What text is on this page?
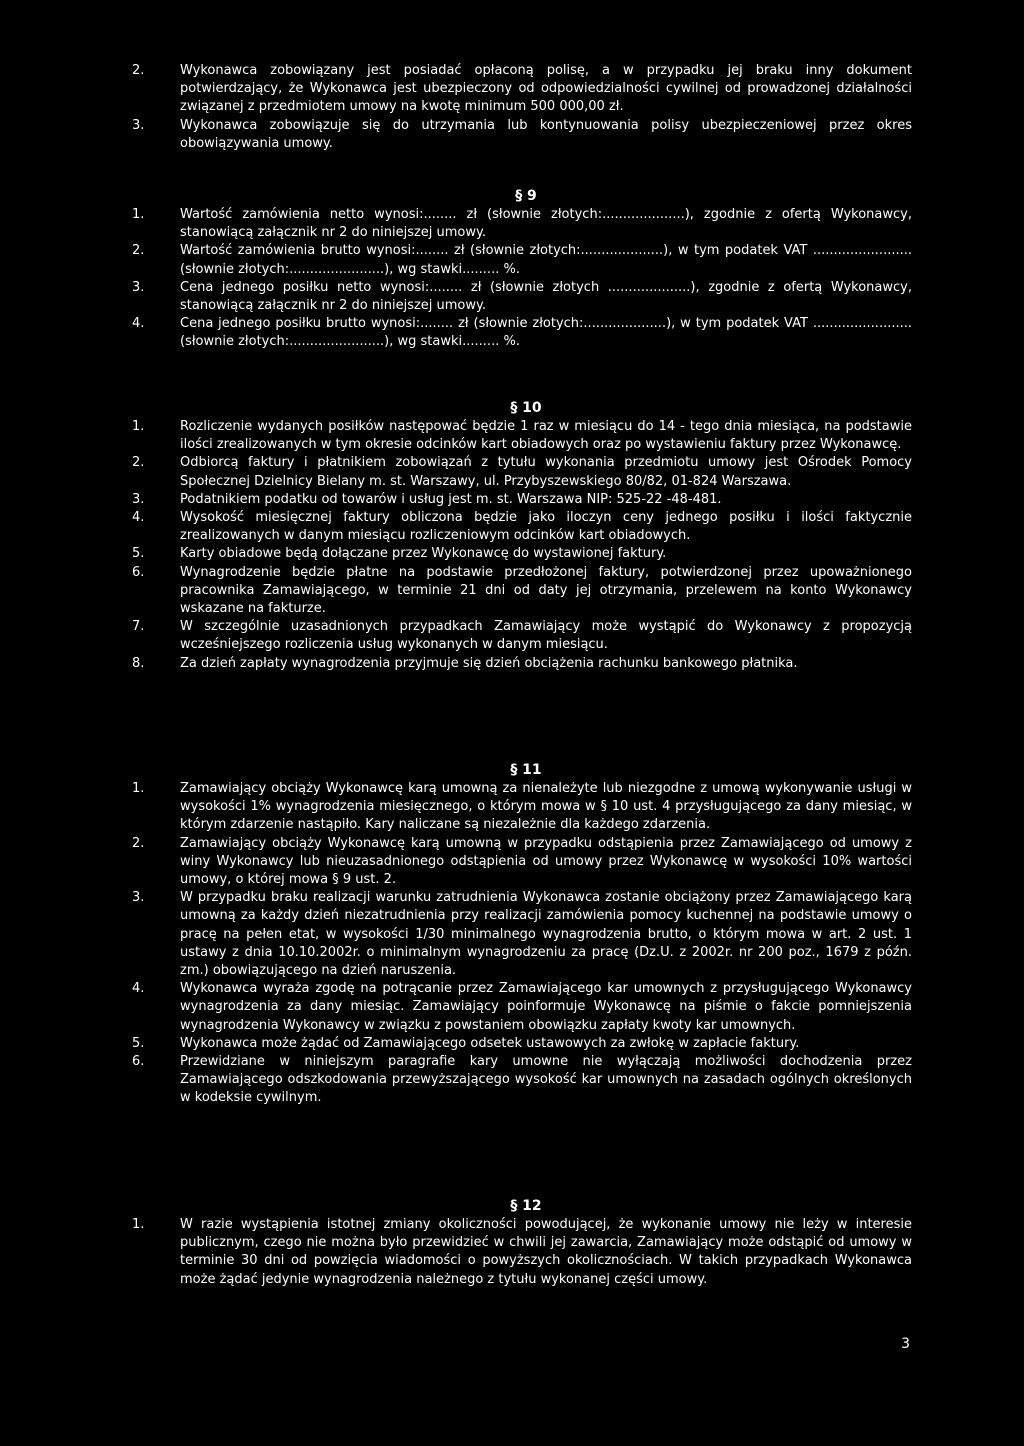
2.	Wykonawca zobowiązany jest posiadać opłaconą polisę, a w przypadku jej braku inny dokument potwierdzający, że Wykonawca jest ubezpieczony od odpowiedzialności cywilnej od prowadzonej działalności związanej z przedmiotem umowy na kwotę minimum 500 000,00 zł.
3.	Wykonawca zobowiązuje się do utrzymania lub kontynuowania polisy ubezpieczeniowej przez okres obowiązywania umowy.
§ 9
1.	Wartość zamówienia netto wynosi:........ zł (słownie złotych:....................), zgodnie z ofertą Wykonawcy, stanowiącą załącznik nr 2 do niniejszej umowy.
2.	Wartość zamówienia brutto wynosi:........ zł (słownie złotych:....................), w tym podatek VAT ........................ (słownie złotych:.......................), wg stawki......... %.
3.	Cena jednego posiłku netto wynosi:........ zł (słownie złotych ....................), zgodnie z ofertą Wykonawcy, stanowiącą załącznik nr 2 do niniejszej umowy.
4.	Cena jednego posiłku brutto wynosi:........ zł (słownie złotych:....................), w tym podatek VAT ........................ (słownie złotych:.......................), wg stawki......... %.
§ 10
1.	Rozliczenie wydanych posiłków następować będzie 1 raz w miesiącu do 14 - tego dnia miesiąca, na podstawie ilości zrealizowanych w tym okresie odcinków kart obiadowych oraz po wystawieniu faktury przez Wykonawcę.
2.	Odbiorcą faktury i płatnikiem zobowiązań z tytułu wykonania przedmiotu umowy jest Ośrodek Pomocy Społecznej Dzielnicy Bielany m. st. Warszawy, ul. Przybyszewskiego 80/82, 01-824 Warszawa.
3.	Podatnikiem podatku od towarów i usług jest m. st. Warszawa NIP: 525-22 -48-481.
4.	Wysokość miesięcznej faktury obliczona będzie jako iloczyn ceny jednego posiłku i ilości faktycznie zrealizowanych w danym miesiącu rozliczeniowym odcinków kart obiadowych.
5.	Karty obiadowe będą dołączane przez Wykonawcę do wystawionej faktury.
6.	Wynagrodzenie będzie płatne na podstawie przedłożonej faktury, potwierdzonej przez upoważnionego pracownika Zamawiającego, w terminie 21 dni od daty jej otrzymania, przelewem na konto Wykonawcy wskazane na fakturze.
7.	W szczególnie uzasadnionych przypadkach Zamawiający może wystąpić do Wykonawcy z propozycją wcześniejszego rozliczenia usług wykonanych w danym miesiącu.
8.	Za dzień zapłaty wynagrodzenia przyjmuje się dzień obciążenia rachunku bankowego płatnika.
§ 11
1.	Zamawiający obciąży Wykonawcę karą umowną za nienależyte lub niezgodne z umową wykonywanie usługi w wysokości 1% wynagrodzenia miesięcznego, o którym mowa w § 10 ust. 4 przysługującego za dany miesiąc, w którym zdarzenie nastąpiło. Kary naliczane są niezależnie dla każdego zdarzenia.
2.	Zamawiający obciąży Wykonawcę karą umowną w przypadku odstąpienia przez Zamawiającego od umowy z winy Wykonawcy lub nieuzasadnionego odstąpienia od umowy przez Wykonawcę w wysokości 10% wartości umowy, o której mowa § 9 ust. 2.
3.	W przypadku braku realizacji warunku zatrudnienia Wykonawca zostanie obciążony przez Zamawiającego karą umowną za każdy dzień niezatrudnienia przy realizacji zamówienia pomocy kuchennej na podstawie umowy o pracę na pełen etat, w wysokości 1/30 minimalnego wynagrodzenia brutto, o którym mowa w art. 2 ust. 1 ustawy z dnia 10.10.2002r. o minimalnym wynagrodzeniu za pracę (Dz.U. z 2002r. nr 200 poz., 1679 z późn. zm.) obowiązującego na dzień naruszenia.
4.	Wykonawca wyraża zgodę na potrącanie przez Zamawiającego kar umownych z przysługującego Wykonawcy wynagrodzenia za dany miesiąc. Zamawiający poinformuje Wykonawcę na piśmie o fakcie pomniejszenia wynagrodzenia Wykonawcy w związku z powstaniem obowiązku zapłaty kwoty kar umownych.
5.	Wykonawca może żądać od Zamawiającego odsetek ustawowych za zwłokę w zapłacie faktury.
6.	Przewidziane w niniejszym paragrafie kary umowne nie wyłączają możliwości dochodzenia przez Zamawiającego odszkodowania przewyższającego wysokość kar umownych na zasadach ogólnych określonych w kodeksie cywilnym.
§ 12
1.	W razie wystąpienia istotnej zmiany okoliczności powodującej, że wykonanie umowy nie leży w interesie publicznym, czego nie można było przewidzieć w chwili jej zawarcia, Zamawiający może odstąpić od umowy w terminie 30 dni od powzięcia wiadomości o powyższych okolicznościach. W takich przypadkach Wykonawca może żądać jedynie wynagrodzenia należnego z tytułu wykonanej części umowy.
3
